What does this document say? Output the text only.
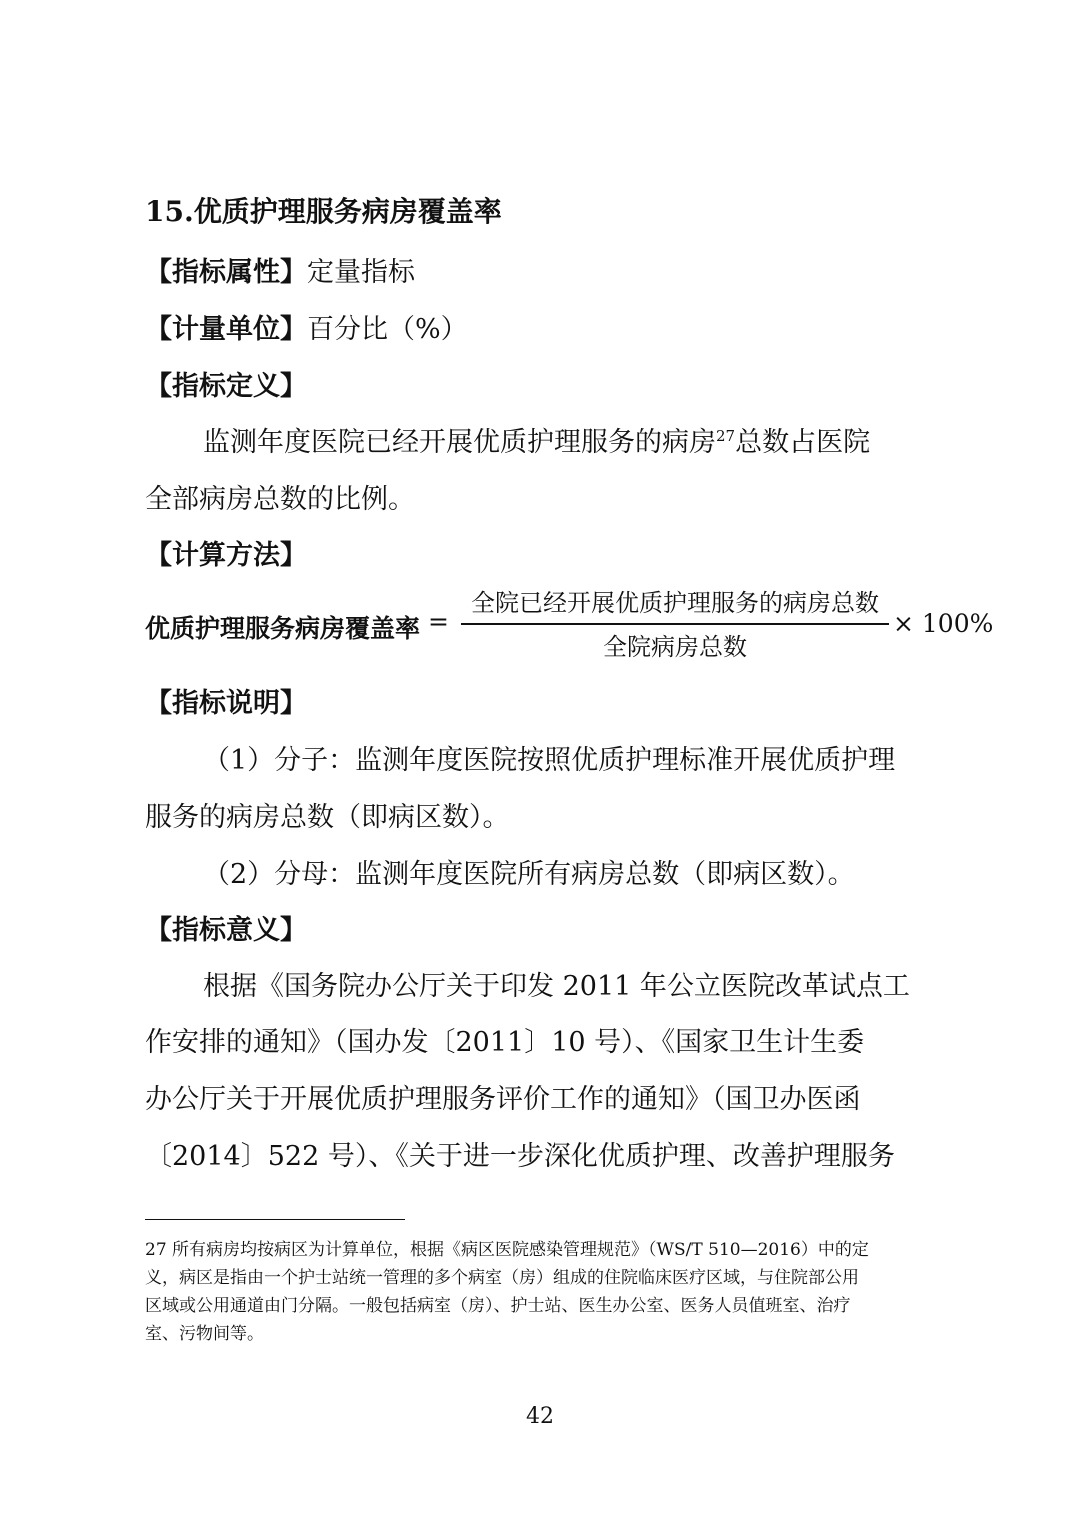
15.优质护理服务病房覆盖率
【指标属性】定量指标
【计量单位】百分比（%）
【指标定义】
监测年度医院已经开展优质护理服务的病房$^{27}$总数占医院
全部病房总数的比例。
【计算方法】
优质护理服务病房覆盖率 =
全院已经开展优质护理服务的病房总数
全院病房总数
× 100%
【指标说明】
（1）分子：监测年度医院按照优质护理标准开展优质护理
服务的病房总数（即病区数）。
（2）分母：监测年度医院所有病房总数（即病区数）。
【指标意义】
根据《国务院办公厅关于印发 2011 年公立医院改革试点工
作安排的通知》（国办发〔2011〕10 号）、《国家卫生计生委
办公厅关于开展优质护理服务评价工作的通知》（国卫办医函
〔2014〕522 号）、《关于进一步深化优质护理、改善护理服务
27 所有病房均按病区为计算单位，根据《病区医院感染管理规范》（WS/T 510—2016）中的定
义，病区是指由一个护士站统一管理的多个病室（房）组成的住院临床医疗区域，与住院部公用
区域或公用通道由门分隔。一般包括病室（房）、护士站、医生办公室、医务人员值班室、治疗
室、污物间等。
42
